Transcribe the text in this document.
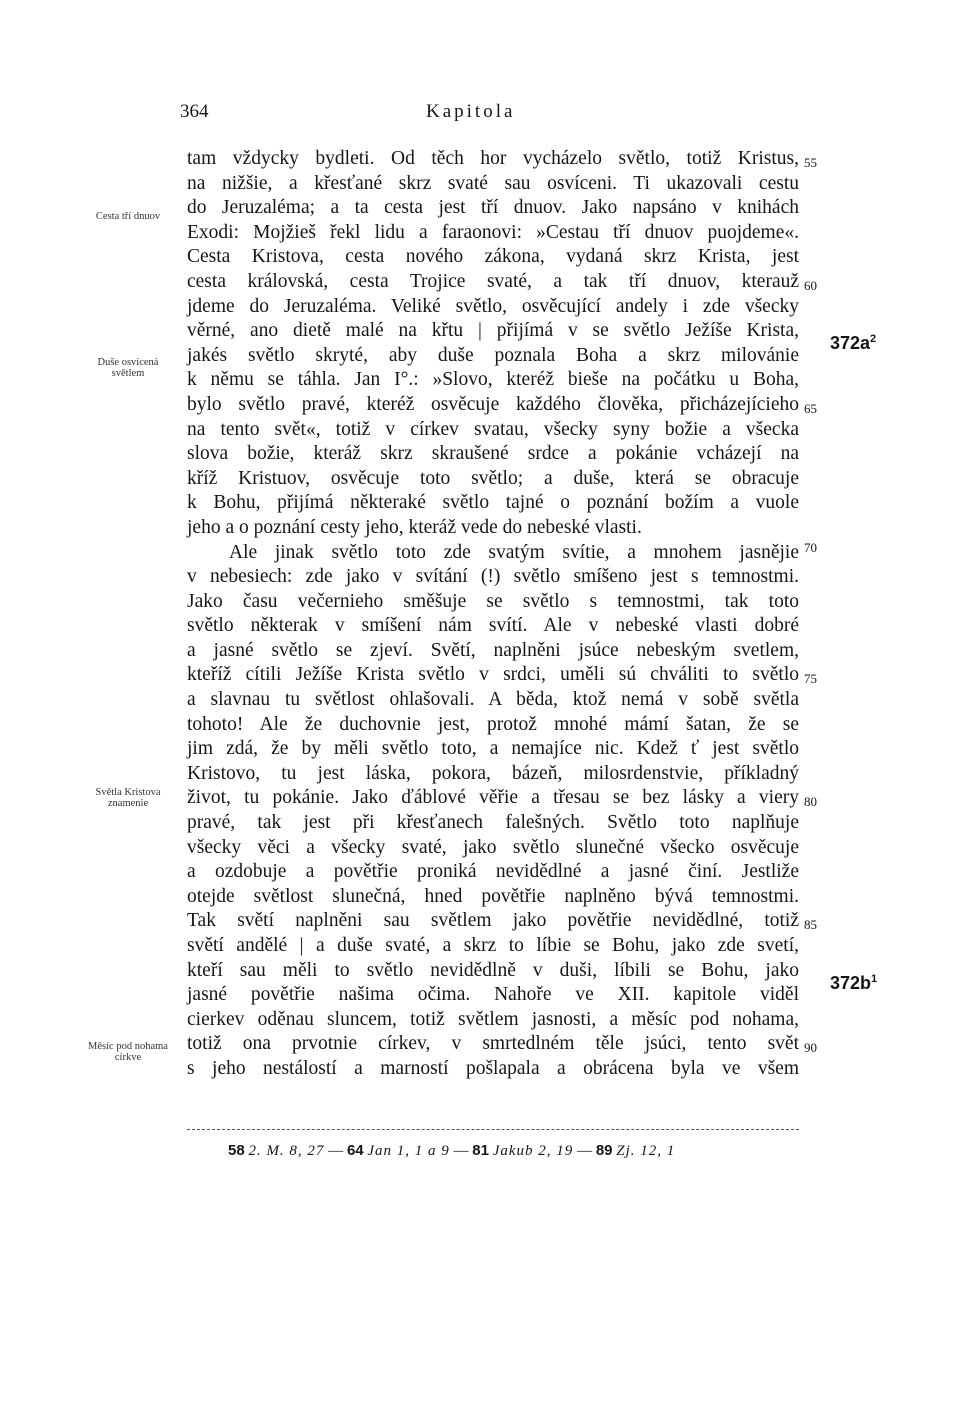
364	Kapitola
tam vždycky bydleti. Od těch hor vycházelo světlo, totiž Kristus,
na nižšie, a křesťané skrz svaté sau osvíceni. Ti ukazovali cestu
do Jeruzaléma; a ta cesta jest tří dnuov. Jako napsáno v knihách
Exodi: Mojžieš řekl lidu a faraonovi: »Cestau tří dnuov puojdeme«.
Cesta Kristova, cesta nového zákona, vydaná skrz Krista, jest
cesta královská, cesta Trojice svaté, a tak tří dnuov, kterauž
jdeme do Jeruzaléma. Veliké světlo, osvěcující andely i zde všecky
věrné, ano dietě malé na křtu | přijímá v se světlo Ježíše Krista,
jakés světlo skryté, aby duše poznala Boha a skrz milovánie
k němu se táhla. Jan I°.: »Slovo, kteréž bieše na počátku u Boha,
bylo světlo pravé, kteréž osvěcuje každého člověka, přicházejícieho
na tento svět«, totiž v církev svatau, všecky syny božie a všecka
slova božie, kteráž skrz skraušené srdce a pokánie vcházejí na
kříž Kristuov, osvěcuje toto světlo; a duše, která se obracuje
k Bohu, přijímá některaké světlo tajné o poznání božím a vuole
jeho a o poznání cesty jeho, kteráž vede do nebeské vlasti.
Ale jinak světlo toto zde svatým svítie, a mnohem jasnějie
v nebesiech: zde jako v svítání (!) světlo smíšeno jest s temnostmi.
Jako času večernieho směšuje se světlo s temnostmi, tak toto
světlo některak v smíšení nám svítí. Ale v nebeské vlasti dobré
a jasné světlo se zjeví. Světí, naplněni jsúce nebeským svetlem,
kteříž cítili Ježíše Krista světlo v srdci, uměli sú chváliti to světlo
a slavnau tu světlost ohlašovali. A běda, ktož nemá v sobě světla
tohoto! Ale že duchovnie jest, protož mnohé mámí šatan, že se
jim zdá, že by měli světlo toto, a nemajíce nic. Kdež ť jest světlo
Kristovo, tu jest láska, pokora, bázeň, milosrdenstvie, příkladný
život, tu pokánie. Jako ďáblové věřie a třesau se bez lásky a viery
pravé, tak jest při křesťanech falešných. Světlo toto naplňuje
všecky věci a všecky svaté, jako světlo slunečné všecko osvěcuje
a ozdobuje a povětřie proniká nevidědlné a jasné činí. Jestliže
otejde světlost slunečná, hned povětřie naplněno bývá temnostmi.
Tak světí naplněni sau světlem jako povětřie nevidědlné, totiž
světí andělé | a duše svaté, a skrz to líbie se Bohu, jako zde svetí,
kteří sau měli to světlo nevidědlně v duši, líbili se Bohu, jako
jasné povětřie našima očima. Nahoře ve XII. kapitole viděl
cierkev oděnau sluncem, totiž světlem jasnosti, a měsíc pod nohama,
totiž ona prvotnie církev, v smrtedlném těle jsúci, tento svět
s jeho nestálostí a marností pošlapala a obrácena byla ve všem
55
60
65
70
75
80
85
90
Cesta tří dnuov
Duše osvícená světlem
Světla Kristova znamenie
Měsíc pod nohama církve
$372a^2$
$372b^1$
58 2. M. 8, 27 — 64 Jan 1, 1 a 9 — 81 Jakub 2, 19 — 89 Zj. 12, 1
